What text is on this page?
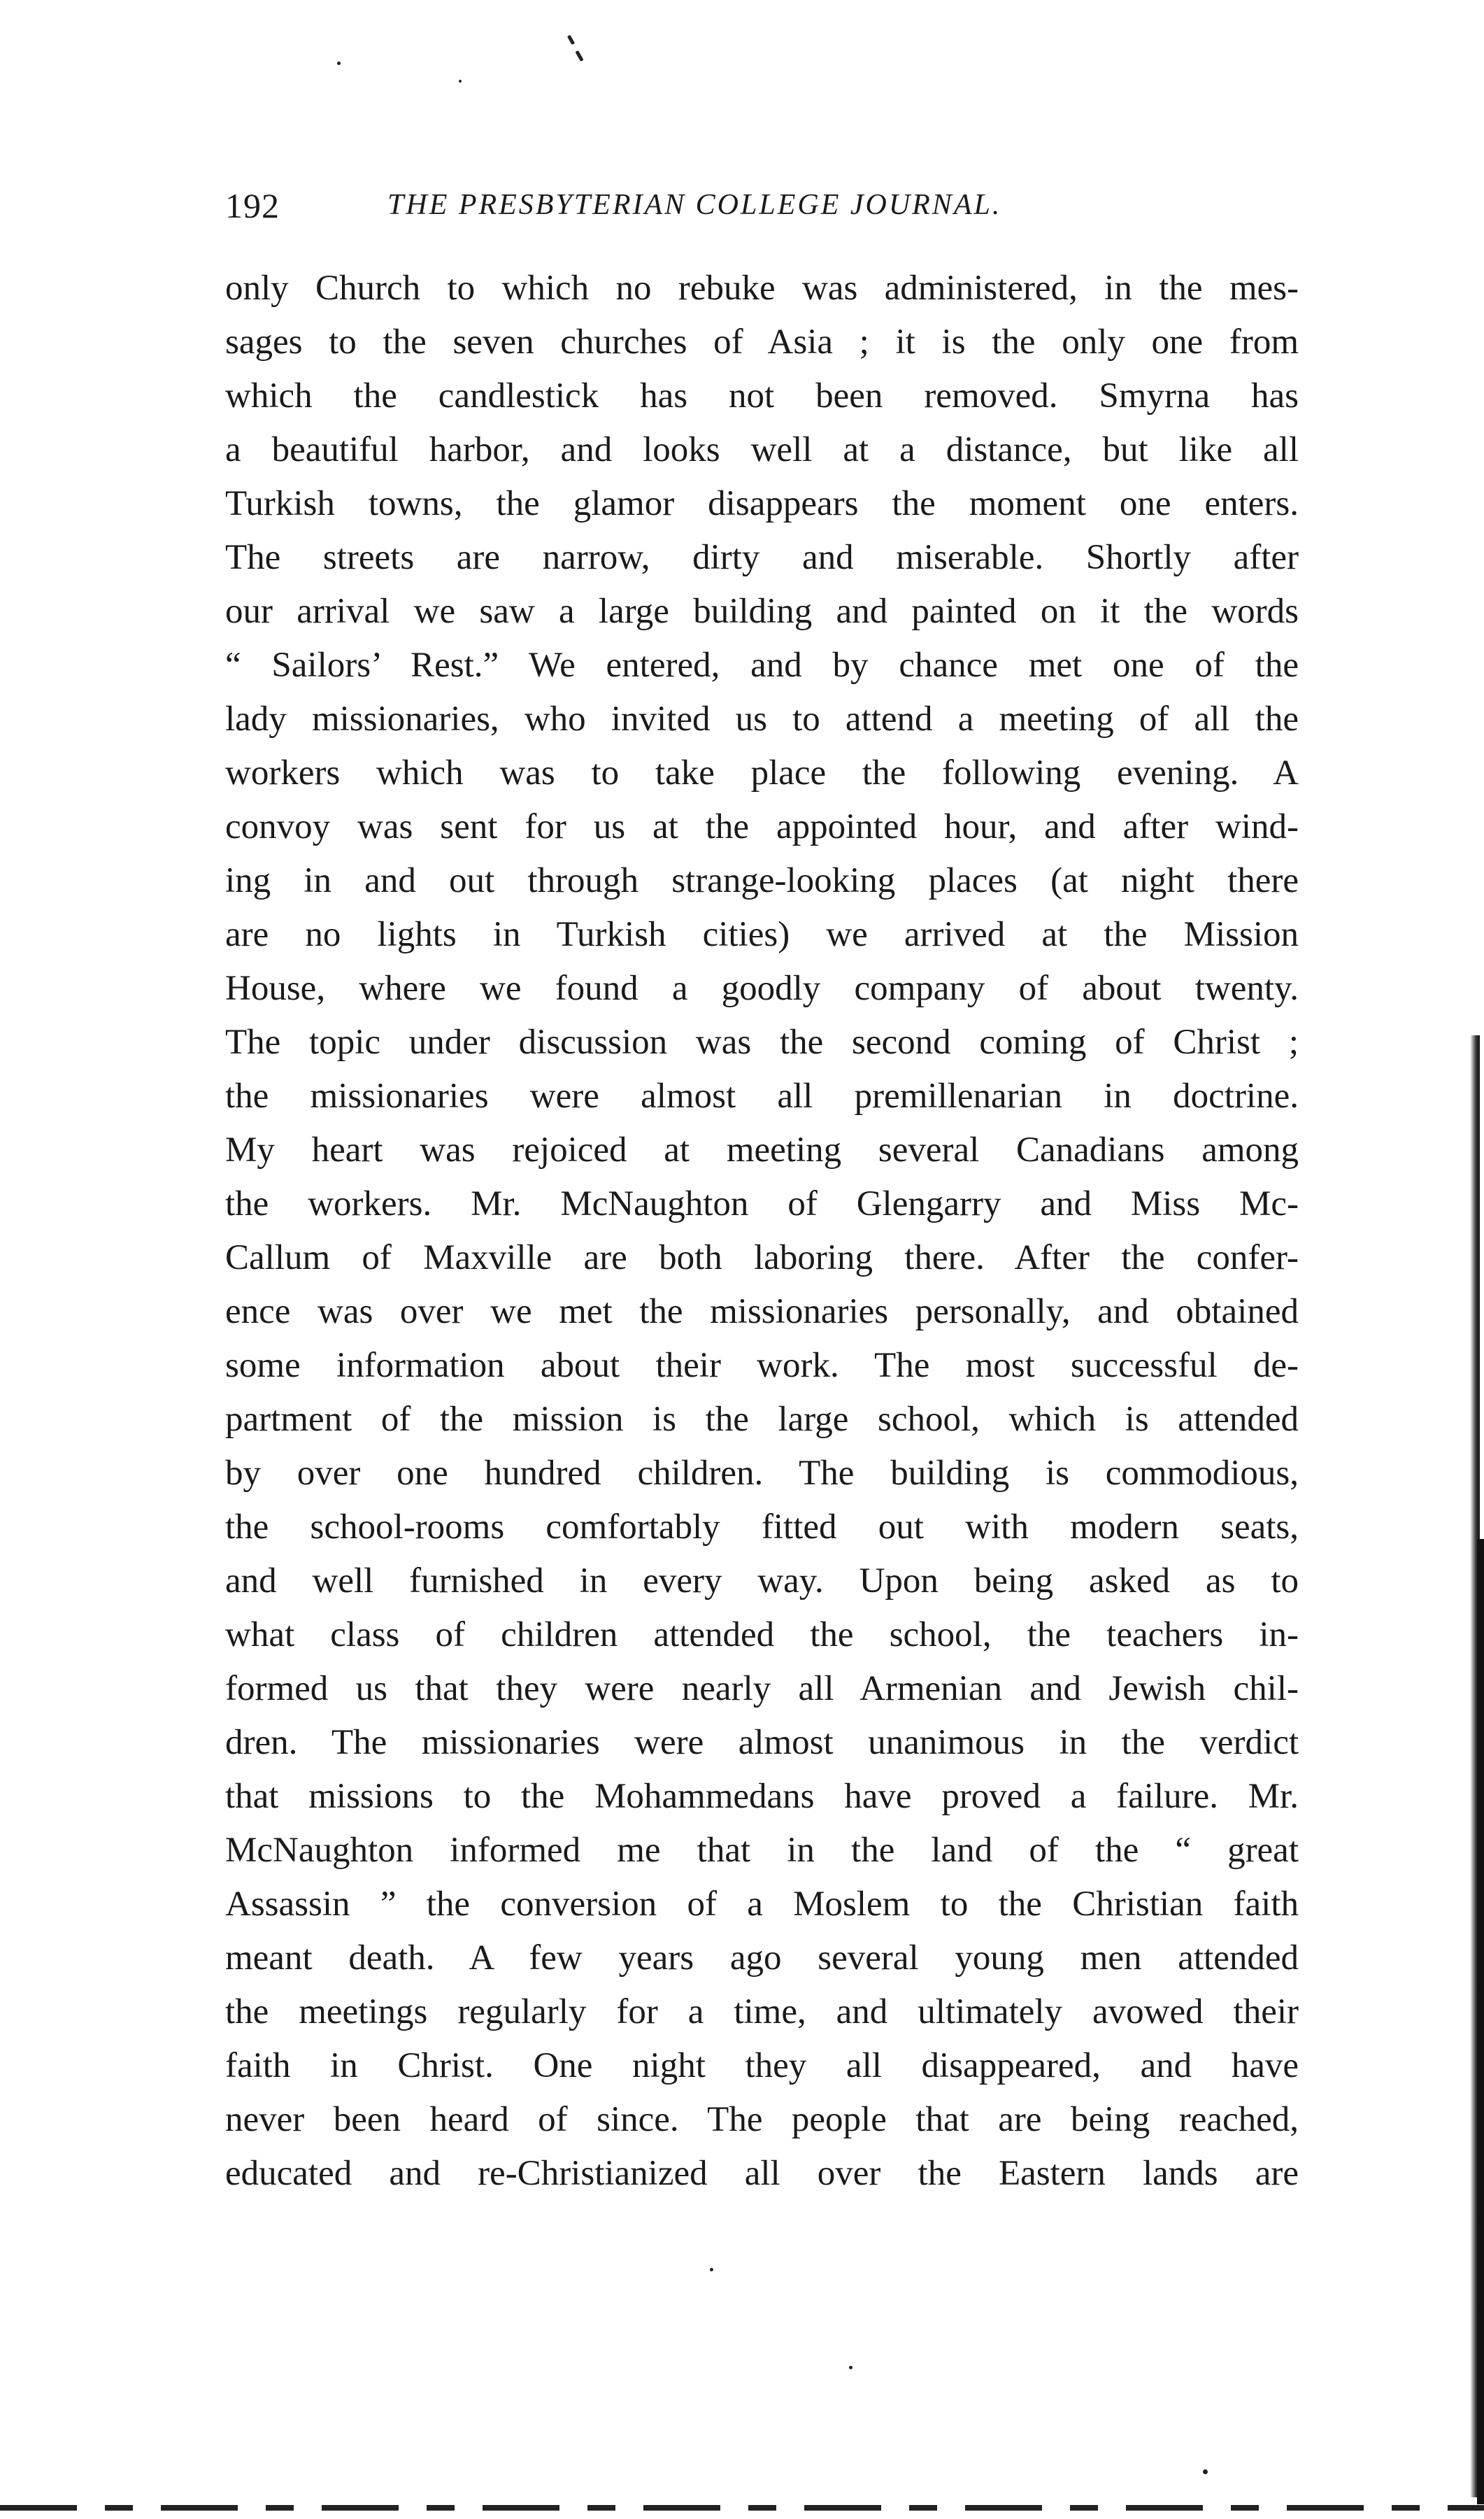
192	THE PRESBYTERIAN COLLEGE JOURNAL.
only Church to which no rebuke was administered, in the mes-
sages to the seven churches of Asia ; it is the only one from
which the candlestick has not been removed. Smyrna has
a beautiful harbor, and looks well at a distance, but like all
Turkish towns, the glamor disappears the moment one enters.
The streets are narrow, dirty and miserable. Shortly after
our arrival we saw a large building and painted on it the words
“ Sailors’ Rest.” We entered, and by chance met one of the
lady missionaries, who invited us to attend a meeting of all the
workers which was to take place the following evening. A
convoy was sent for us at the appointed hour, and after wind-
ing in and out through strange-looking places (at night there
are no lights in Turkish cities) we arrived at the Mission
House, where we found a goodly company of about twenty.
The topic under discussion was the second coming of Christ ;
the missionaries were almost all premillenarian in doctrine.
My heart was rejoiced at meeting several Canadians among
the workers. Mr. McNaughton of Glengarry and Miss Mc-
Callum of Maxville are both laboring there. After the confer-
ence was over we met the missionaries personally, and obtained
some information about their work. The most successful de-
partment of the mission is the large school, which is attended
by over one hundred children. The building is commodious,
the school-rooms comfortably fitted out with modern seats,
and well furnished in every way. Upon being asked as to
what class of children attended the school, the teachers in-
formed us that they were nearly all Armenian and Jewish chil-
dren. The missionaries were almost unanimous in the verdict
that missions to the Mohammedans have proved a failure. Mr.
McNaughton informed me that in the land of the “ great
Assassin ” the conversion of a Moslem to the Christian faith
meant death. A few years ago several young men attended
the meetings regularly for a time, and ultimately avowed their
faith in Christ. One night they all disappeared, and have
never been heard of since. The people that are being reached,
educated and re-Christianized all over the Eastern lands are
